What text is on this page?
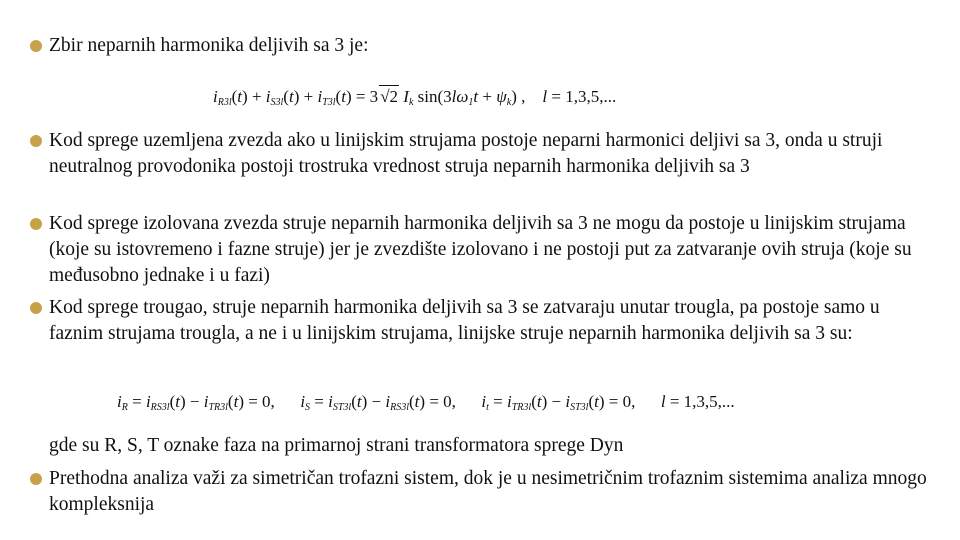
Zbir neparnih harmonika deljivih sa 3 je:
$i_{R3l}(t) + i_{S3l}(t) + i_{T3l}(t) = 3$ √2 $I_k$ $\sin(3l\omega_1t + \psi_k)$ ,    l = 1,3,5,...
Kod sprege uzemljena zvezda ako u linijskim strujama postoje neparni harmonici deljivi sa 3, onda u struji neutralnog provodonika postoji trostruka vrednost struja neparnih harmonika deljivih sa 3
Kod sprege izolovana zvezda struje neparnih harmonika deljivih sa 3 ne mogu da postoje u linijskim strujama (koje su istovremeno i fazne struje) jer je zvezdište izolovano i ne postoji put za zatvaranje ovih struja (koje su međusobno jednake i u fazi)
Kod sprege trougao, struje neparnih harmonika deljivih sa 3 se zatvaraju unutar trougla, pa postoje samo u faznim strujama trougla, a ne i u linijskim strujama, linijske struje neparnih harmonika deljivih sa 3 su:
$i_R = i_{RS3l}(t) - i_{TR3l}(t) = 0$,      $i_S = i_{ST3l}(t) - i_{RS3l}(t) = 0$,      $i_t = i_{TR3l}(t) - i_{ST3l}(t) = 0$,      l = 1,3,5,...
gde su R, S, T oznake faza na primarnoj strani transformatora sprege Dyn
Prethodna analiza važi za simetričan trofazni sistem, dok je u nesimetričnim trofaznim sistemima analiza mnogo kompleksnija
